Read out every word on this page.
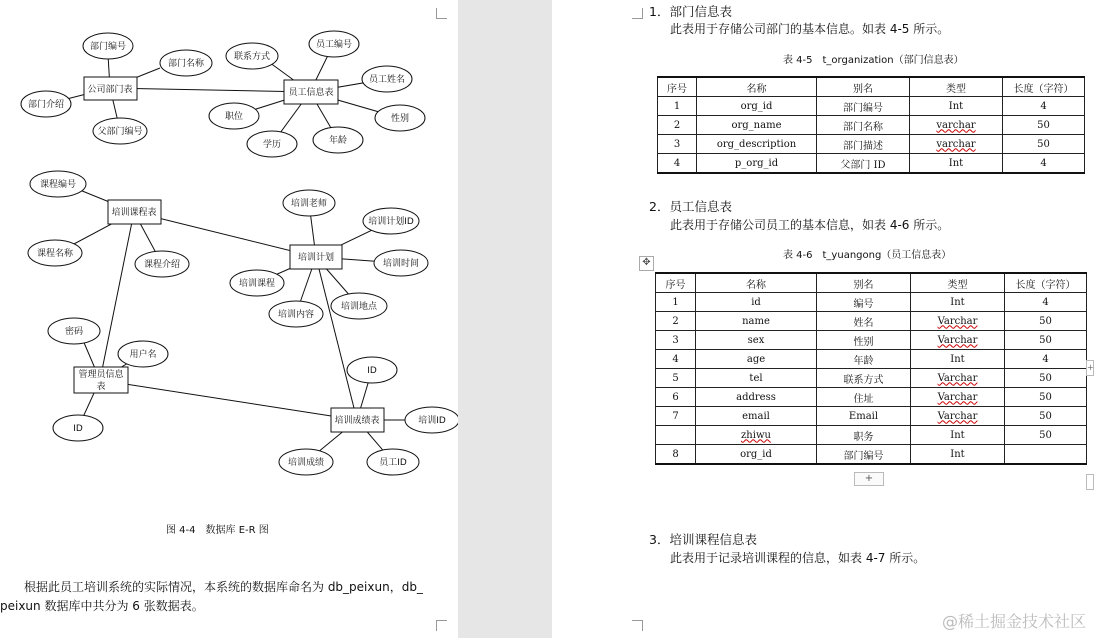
公司部门表	员工信息表
培训课程表
培训计划
管理员信息
表
培训成绩表
部门编号
部门名称
部门介绍
父部门编号
联系方式
员工编号
员工姓名
职位
学历	年龄
性别
课程编号
课程名称
课程介绍
培训老师
培训计划ID
培训时间
培训课程
培训内容
培训地点
密码
用户名
ID
ID
培训ID
培训成绩	员工ID
图 4-4　数据库 E-R 图
根据此员工培训系统的实际情况，本系统的数据库命名为 db_peixun，db_
peixun 数据库中共分为 6 张数据表。
1．部门信息表
此表用于存储公司部门的基本信息。如表 4-5 所示。
表 4-5　t_organization（部门信息表）
序号	名称	别名	类型	长度（字符）
1	org_id	部门编号	Int	4
2	org_name	部门名称	varchar	50
3	org_description	部门描述	varchar	50
4	p_org_id	父部门 ID	Int	4
2．员工信息表
此表用于存储公司员工的基本信息，如表 4-6 所示。
表 4-6　t_yuangong（员工信息表）
✥
序号	名称	别名	类型	长度（字符）
1	id	编号	Int	4
2	name	姓名	Varchar	50
3	sex	性别	Varchar	50
4	age	年龄	Int	4
5	tel	联系方式	Varchar	50
6	address	住址	Varchar	50
7	email	Email	Varchar	50
	zhiwu	职务	Int	50
8	org_id	部门编号	Int	
+
+
3．培训课程信息表
此表用于记录培训课程的信息，如表 4-7 所示。
@稀土掘金技术社区
